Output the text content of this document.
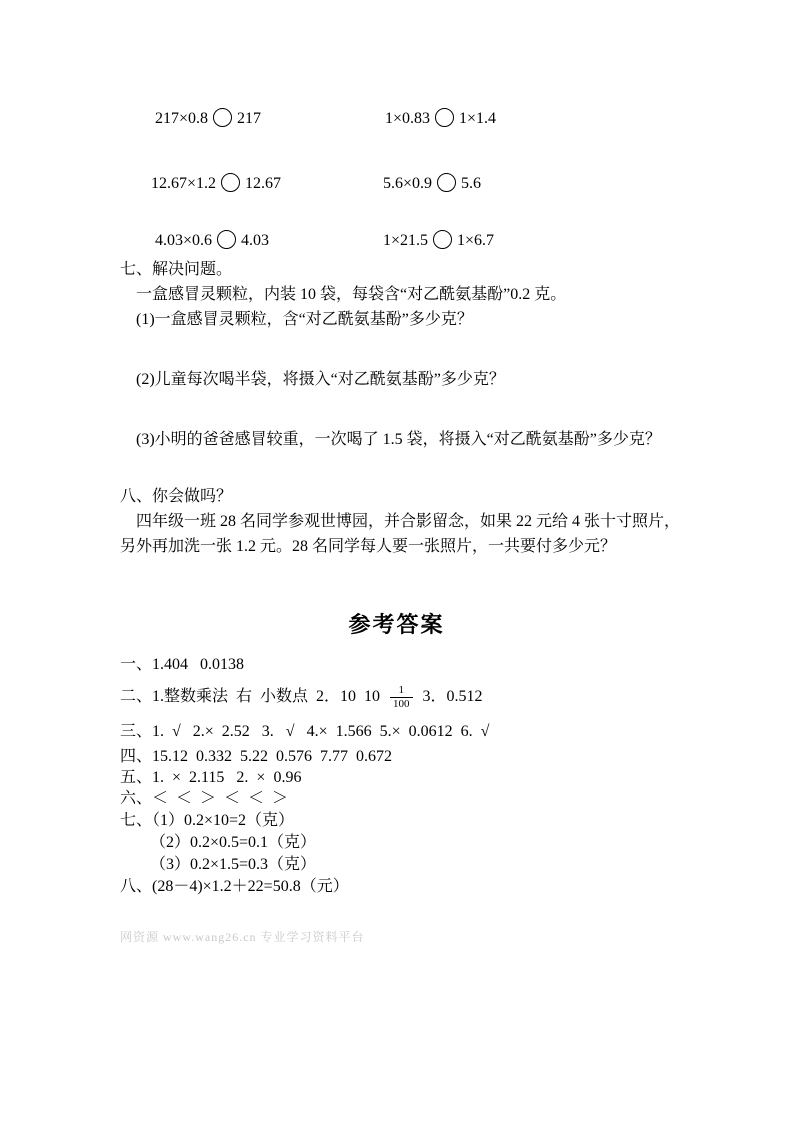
217×0.8 217	1×0.83 1×1.4
12.67×1.2 12.67	5.6×0.9 5.6
4.03×0.6 4.03	1×21.5 1×6.7
七、解决问题。
一盒感冒灵颗粒，内装 10 袋，每袋含“对乙酰氨基酚”0.2 克。
(1)一盒感冒灵颗粒，含“对乙酰氨基酚”多少克？
(2)儿童每次喝半袋，将摄入“对乙酰氨基酚”多少克？
(3)小明的爸爸感冒较重，一次喝了 1.5 袋，将摄入“对乙酰氨基酚”多少克？
八、你会做吗？
四年级一班 28 名同学参观世博园，并合影留念，如果 22 元给 4 张十寸照片，
另外再加洗一张 1.2 元。28 名同学每人要一张照片，一共要付多少元？
参考答案
一、1.404   0.0138
二、1.整数乘法  右  小数点  2．10  $10 \frac{1}{100} 3$．0.512
三、1.  √   2.×  2.52   3.   √   4.×  1.566  5.×  0.0612  6.  √
四、15.12  0.332  5.22  0.576  7.77  0.672
五、1.  ×  2.115   2.  ×  0.96
六、＜  ＜  ＞  ＜  ＜  ＞
七、（1）0.2×10=2（克）
（2）0.2×0.5=0.1（克）
（3）0.2×1.5=0.3（克）
八、(28－4)×1.2＋22=50.8（元）
网资源 www.wang26.cn 专业学习资料平台
